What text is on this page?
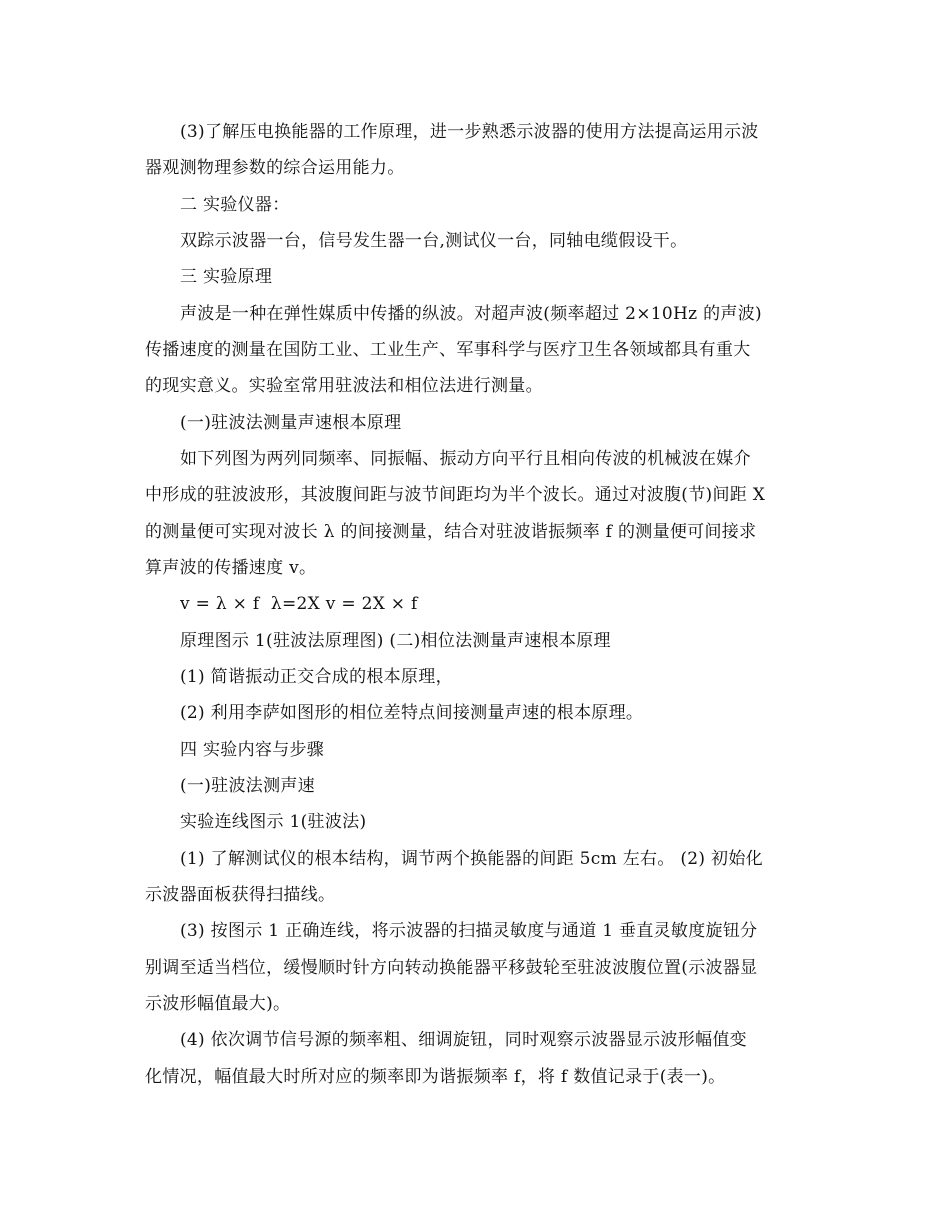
(3)了解压电换能器的工作原理，进一步熟悉示波器的使用方法提高运用示波
器观测物理参数的综合运用能力。
二 实验仪器：
双踪示波器一台，信号发生器一台,测试仪一台，同轴电缆假设干。
三 实验原理
声波是一种在弹性媒质中传播的纵波。对超声波(频率超过 2×10Hz 的声波)
传播速度的测量在国防工业、工业生产、军事科学与医疗卫生各领域都具有重大
的现实意义。实验室常用驻波法和相位法进行测量。
(一)驻波法测量声速根本原理
如下列图为两列同频率、同振幅、振动方向平行且相向传波的机械波在媒介
中形成的驻波波形，其波腹间距与波节间距均为半个波长。通过对波腹(节)间距 X
的测量便可实现对波长 λ 的间接测量，结合对驻波谐振频率 f 的测量便可间接求
算声波的传播速度 v。
v = λ × f  λ=2X v = 2X × f
原理图示 1(驻波法原理图) (二)相位法测量声速根本原理
(1) 简谐振动正交合成的根本原理，
(2) 利用李萨如图形的相位差特点间接测量声速的根本原理。
四 实验内容与步骤
(一)驻波法测声速
实验连线图示 1(驻波法)
(1) 了解测试仪的根本结构，调节两个换能器的间距 5cm 左右。 (2) 初始化
示波器面板获得扫描线。
(3) 按图示 1 正确连线，将示波器的扫描灵敏度与通道 1 垂直灵敏度旋钮分
别调至适当档位，缓慢顺时针方向转动换能器平移鼓轮至驻波波腹位置(示波器显
示波形幅值最大)。
(4) 依次调节信号源的频率粗、细调旋钮，同时观察示波器显示波形幅值变
化情况，幅值最大时所对应的频率即为谐振频率 f，将 f 数值记录于(表一)。
